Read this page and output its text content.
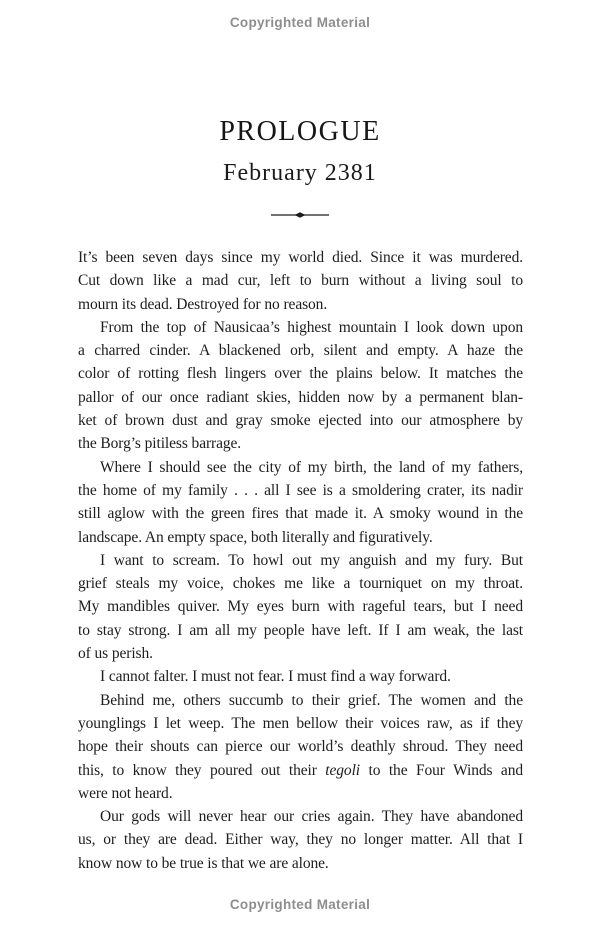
Copyrighted Material
PROLOGUE
February 2381
It’s been seven days since my world died. Since it was murdered.
Cut down like a mad cur, left to burn without a living soul to
mourn its dead. Destroyed for no reason.
From the top of Nausicaa’s highest mountain I look down upon
a charred cinder. A blackened orb, silent and empty. A haze the
color of rotting flesh lingers over the plains below. It matches the
pallor of our once radiant skies, hidden now by a permanent blan-
ket of brown dust and gray smoke ejected into our atmosphere by
the Borg’s pitiless barrage.
Where I should see the city of my birth, the land of my fathers,
the home of my family . . . all I see is a smoldering crater, its nadir
still aglow with the green fires that made it. A smoky wound in the
landscape. An empty space, both literally and figuratively.
I want to scream. To howl out my anguish and my fury. But
grief steals my voice, chokes me like a tourniquet on my throat.
My mandibles quiver. My eyes burn with rageful tears, but I need
to stay strong. I am all my people have left. If I am weak, the last
of us perish.
I cannot falter. I must not fear. I must find a way forward.
Behind me, others succumb to their grief. The women and the
younglings I let weep. The men bellow their voices raw, as if they
hope their shouts can pierce our world’s deathly shroud. They need
this, to know they poured out their tegoli to the Four Winds and
were not heard.
Our gods will never hear our cries again. They have abandoned
us, or they are dead. Either way, they no longer matter. All that I
know now to be true is that we are alone.
Copyrighted Material
